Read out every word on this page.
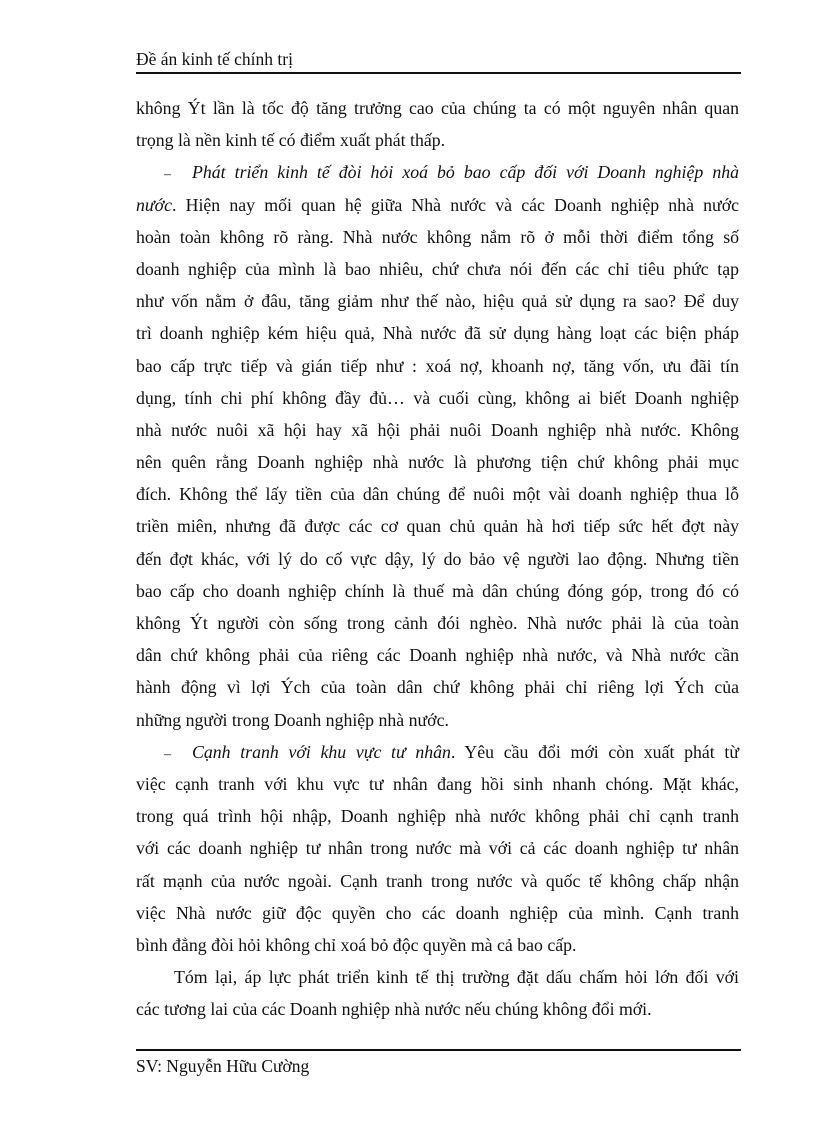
Đề án kinh tế chính trị
không Ýt lần là tốc độ tăng trưởng cao của chúng ta có một nguyên nhân quan
trọng là nền kinh tế có điểm xuất phát thấp.
– Phát triển kinh tế đòi hỏi xoá bỏ bao cấp đối với Doanh nghiệp nhà
nước. Hiện nay mối quan hệ giữa Nhà nước và các Doanh nghiệp nhà nước
hoàn toàn không rõ ràng. Nhà nước không nắm rõ ở mỗi thời điểm tổng số
doanh nghiệp của mình là bao nhiêu, chứ chưa nói đến các chỉ tiêu phức tạp
như vốn nằm ở đâu, tăng giảm như thế nào, hiệu quả sử dụng ra sao? Để duy
trì doanh nghiệp kém hiệu quả, Nhà nước đã sử dụng hàng loạt các biện pháp
bao cấp trực tiếp và gián tiếp như : xoá nợ, khoanh nợ, tăng vốn, ưu đãi tín
dụng, tính chi phí không đầy đủ… và cuối cùng, không ai biết Doanh nghiệp
nhà nước nuôi xã hội hay xã hội phải nuôi Doanh nghiệp nhà nước. Không
nên quên rằng Doanh nghiệp nhà nước là phương tiện chứ không phải mục
đích. Không thể lấy tiền của dân chúng để nuôi một vài doanh nghiệp thua lỗ
triền miên, nhưng đã được các cơ quan chủ quản hà hơi tiếp sức hết đợt này
đến đợt khác, với lý do cố vực dậy, lý do bảo vệ người lao động. Nhưng tiền
bao cấp cho doanh nghiệp chính là thuế mà dân chúng đóng góp, trong đó có
không Ýt người còn sống trong cảnh đói nghèo. Nhà nước phải là của toàn
dân chứ không phải của riêng các Doanh nghiệp nhà nước, và Nhà nước cần
hành động vì lợi Ých của toàn dân chứ không phải chỉ riêng lợi Ých của
những người trong Doanh nghiệp nhà nước.
– Cạnh tranh với khu vực tư nhân. Yêu cầu đổi mới còn xuất phát từ
việc cạnh tranh với khu vực tư nhân đang hồi sinh nhanh chóng. Mặt khác,
trong quá trình hội nhập, Doanh nghiệp nhà nước không phải chỉ cạnh tranh
với các doanh nghiệp tư nhân trong nước mà với cả các doanh nghiệp tư nhân
rất mạnh của nước ngoài. Cạnh tranh trong nước và quốc tế không chấp nhận
việc Nhà nước giữ độc quyền cho các doanh nghiệp của mình. Cạnh tranh
bình đẳng đòi hỏi không chỉ xoá bỏ độc quyền mà cả bao cấp.
Tóm lại, áp lực phát triển kinh tế thị trường đặt dấu chấm hỏi lớn đối với
các tương lai của các Doanh nghiệp nhà nước nếu chúng không đổi mới.
SV: Nguyễn Hữu Cường
